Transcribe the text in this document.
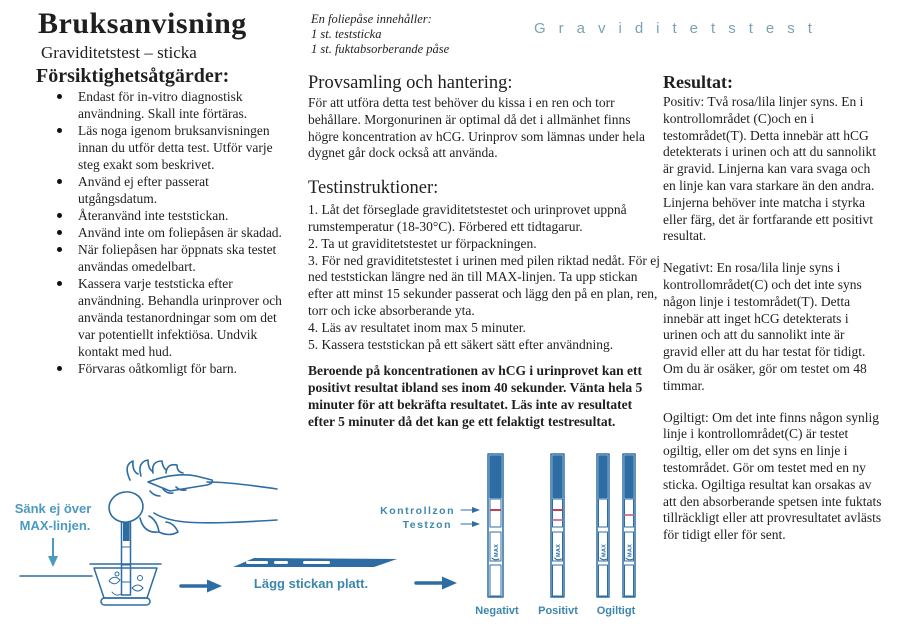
Bruksanvisning
Graviditetstest – sticka
En foliepåse innehåller:
1 st. teststicka
1 st. fuktabsorberande påse
Graviditetstest
Försiktighetsåtgärder:
Endast för in-vitro diagnostisk användning. Skall inte förtäras.
Läs noga igenom bruksanvisningen innan du utför detta test. Utför varje steg exakt som beskrivet.
Använd ej efter passerat utgångsdatum.
Återanvänd inte teststickan.
Använd inte om foliepåsen är skadad.
När foliepåsen har öppnats ska testet användas omedelbart.
Kassera varje teststicka efter användning. Behandla urinprover och använda testanordningar som om det var potentiellt infektiösa. Undvik kontakt med hud.
Förvaras oåtkomligt för barn.
Provsamling och hantering:

För att utföra detta test behöver du kissa i en ren och torr behållare. Morgonurinen är optimal då det i allmänhet finns högre koncentration av hCG. Urinprov som lämnas under hela dygnet går dock också att använda.

Testinstruktioner:

1. Låt det förseglade graviditetstestet och urinprovet uppnå rumstemperatur (18-30°C). Förbered ett tidtagarur.

2. Ta ut graviditetstestet ur förpackningen.

3. För ned graviditetstestet i urinen med pilen riktad nedåt. För ej ned teststickan längre ned än till MAX-linjen. Ta upp stickan efter att minst 15 sekunder passerat och lägg den på en plan, ren, torr och icke absorberande yta.

4. Läs av resultatet inom max 5 minuter.

5. Kassera teststickan på ett säkert sätt efter användning.

Beroende på koncentrationen av hCG i urinprovet kan ett positivt resultat ibland ses inom 40 sekunder. Vänta hela 5 minuter för att bekräfta resultatet. Läs inte av resultatet efter 5 minuter då det kan ge ett felaktigt testresultat.

Resultat:

Positiv: Två rosa/lila linjer syns. En i kontrollområdet (C)och en i testområdet(T). Detta innebär att hCG detekterats i urinen och att du sannolikt är gravid. Linjerna kan vara svaga och en linje kan vara starkare än den andra. Linjerna behöver inte matcha i styrka eller färg, det är fortfarande ett positivt resultat.

Negativt: En rosa/lila linje syns i kontrollområdet(C) och det inte syns någon linje i testområdet(T). Detta innebär att inget hCG detekterats i urinen och att du sannolikt inte är gravid eller att du har testat för tidigt. Om du är osäker, gör om testet om 48 timmar.

Ogiltigt: Om det inte finns någon synlig linje i kontrollområdet(C) är testet ogiltig, eller om det syns en linje i testområdet. Gör om testet med en ny sticka. Ogiltiga resultat kan orsakas av att den absorberande spetsen inte fuktats tillräckligt eller att provresultatet avlästs för tidigt eller för sent.

Sänk ej över
MAX-linjen.
Lägg stickan platt.
Kontrollzon
Testzon
MAX	MAX	MAX	MAX
Negativt Positivt Ogiltigt
